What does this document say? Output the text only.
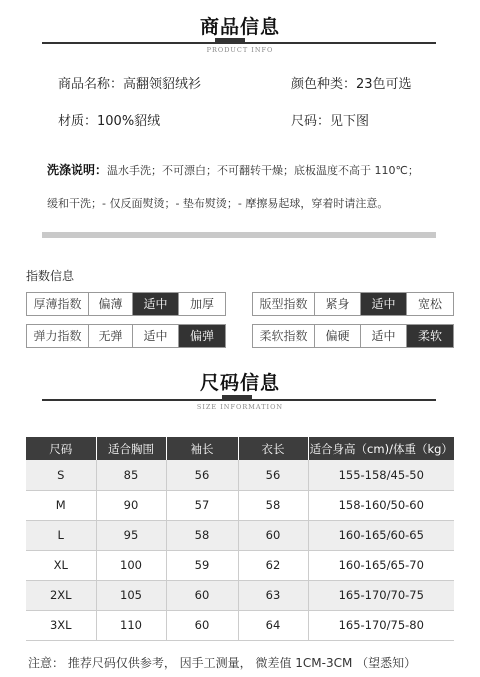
商品信息
PRODUCT INFO
商品名称：高翻领貂绒衫	颜色种类：23色可选
材质：100%貂绒	尺码：见下图
洗涤说明：温水手洗；不可漂白；不可翻转干燥；底板温度不高于 110℃；
缓和干洗；- 仅反面熨烫；- 垫布熨烫；- 摩擦易起球，穿着时请注意。
指数信息
厚薄指数	偏薄	适中	加厚	版型指数	紧身	适中	宽松
弹力指数	无弹	适中	偏弹	柔软指数	偏硬	适中	柔软
尺码信息
SIZE INFORMATION
尺码	适合胸围	袖长	衣长	适合身高（cm)/体重（kg）
S	85	56	56	155-158/45-50
M	90	57	58	158-160/50-60
L	95	58	60	160-165/60-65
XL	100	59	62	160-165/65-70
2XL	105	60	63	165-170/70-75
3XL	110	60	64	165-170/75-80
注意： 推荐尺码仅供参考， 因手工测量， 微差值 1CM-3CM （望悉知）
